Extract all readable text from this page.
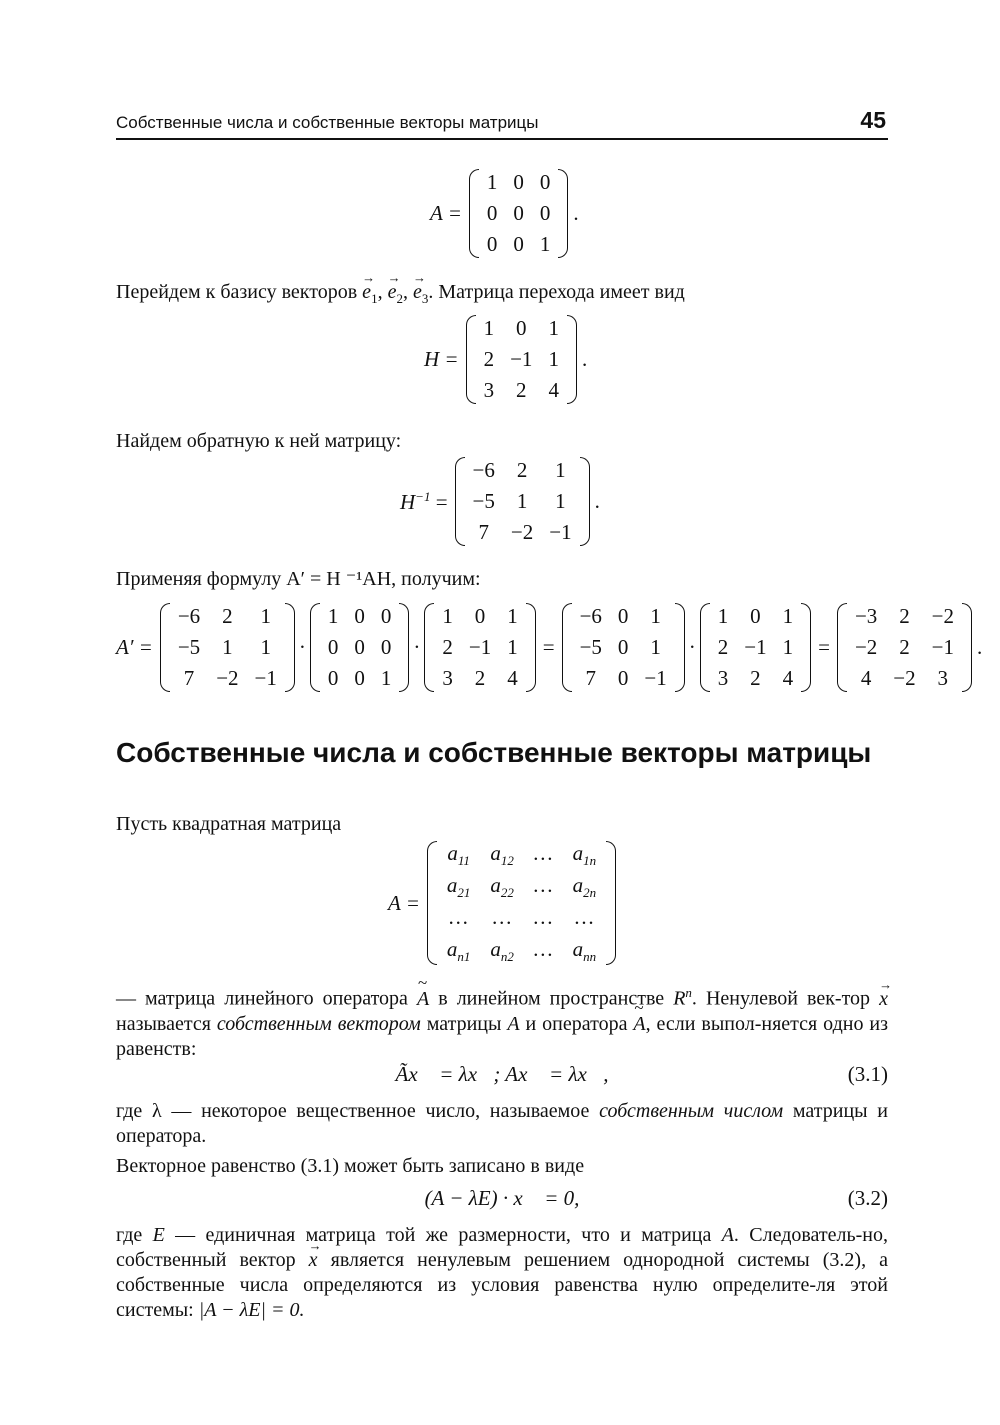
Собственные числа и собственные векторы матрицы	45
A =
1	0	0
0	0	0
0	0	1
.

Перейдем к базису векторов $e \to_1$, $e \to_2$, $e \to_3$. Матрица перехода имеет вид

H =
1	0	1
2	−1	1
3	2	4
.

Найдем обратную к ней матрицу:

$H^{-1}$ =
−6	2	1
−5	1	1
7	−2	−1
.

Применяя формулу A′ = H ⁻¹AH, получим:

A′ =
−6	2	1
−5	1	1
7	−2	−1
·
1	0	0
0	0	0
0	0	1
·
1	0	1
2	−1	1
3	2	4
=
−6	0	1
−5	0	1
7	0	−1
·
1	0	1
2	−1	1
3	2	4
=
−3	2	−2
−2	2	−1
4	−2	3
.
Собственные числа и собственные векторы матрицы

Пусть квадратная матрица

A =
$a_{11}$	$a_{12}$	…	$a_{1n}$
$a_{21}$	$a_{22}$	…	$a_{2n}$
…	…	…	…
$a_{n1}$	$a_{n2}$	…	$a_{nn}$

— матрица линейного оператора A ~ в линейном пространстве $R^n$. Ненулевой век-тор x → называется собственным вектором матрицы A и оператора A ~, если выпол-няется одно из равенств:

Ãx⃗ = λx⃗; Ax⃗ = λx⃗,	(3.1)

где λ — некоторое вещественное число, называемое собственным числом матрицы и оператора.

Векторное равенство (3.1) может быть записано в виде

(A − λE) · x⃗ = 0,	(3.2)

где E — единичная матрица той же размерности, что и матрица A. Следователь-но, собственный вектор x → является ненулевым решением однородной системы (3.2), а собственные числа определяются из условия равенства нулю определите-ля этой системы: |A − λE| = 0.
